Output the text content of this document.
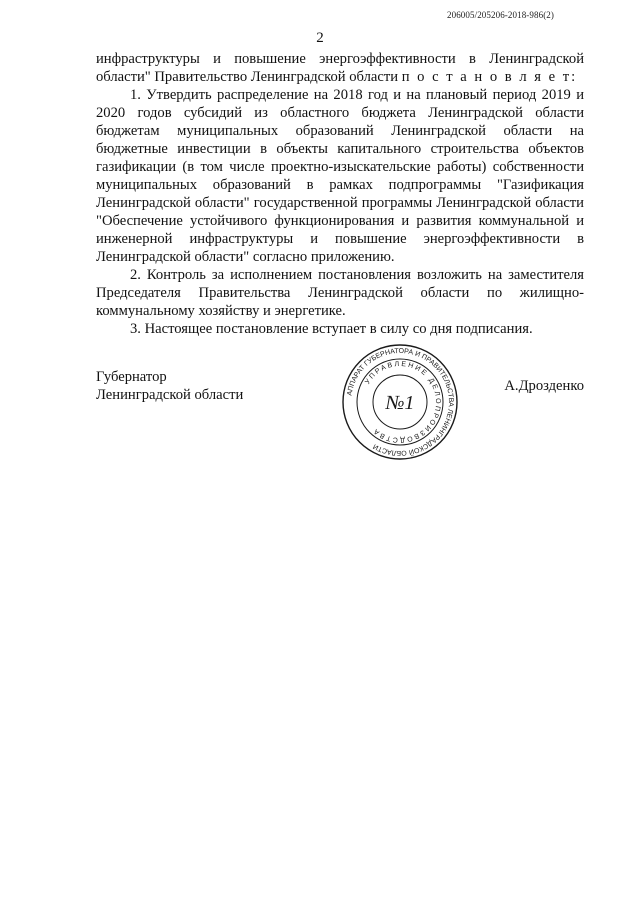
206005/205206-2018-986(2)
2

инфраструктуры и повышение энергоэффективности в Ленинградской области" Правительство Ленинградской области п о с т а н о в л я е т:

1. Утвердить распределение на 2018 год и на плановый период 2019 и 2020 годов субсидий из областного бюджета Ленинградской области бюджетам муниципальных образований Ленинградской области на бюджетные инвестиции в объекты капитального строительства объектов газификации (в том числе проектно-изыскательские работы) собственности муниципальных образований в рамках подпрограммы "Газификация Ленинградской области" государственной программы Ленинградской области "Обеспечение устойчивого функционирования и развития коммунальной и инженерной инфраструктуры и повышение энергоэффективности в Ленинградской области" согласно приложению.

2. Контроль за исполнением постановления возложить на заместителя Председателя Правительства Ленинградской области по жилищно-коммунальному хозяйству и энергетике.

3. Настоящее постановление вступает в силу со дня подписания.

Губернатор
Ленинградской области	АППАРАТ ГУБЕРНАТОРА И ПРАВИТЕЛЬСТВА ЛЕНИНГРАДСКОЙ ОБЛАСТИ
УПРАВЛЕНИЕ ДЕЛОПРОИЗВОДСТВА
№1
А.Дрозденко
